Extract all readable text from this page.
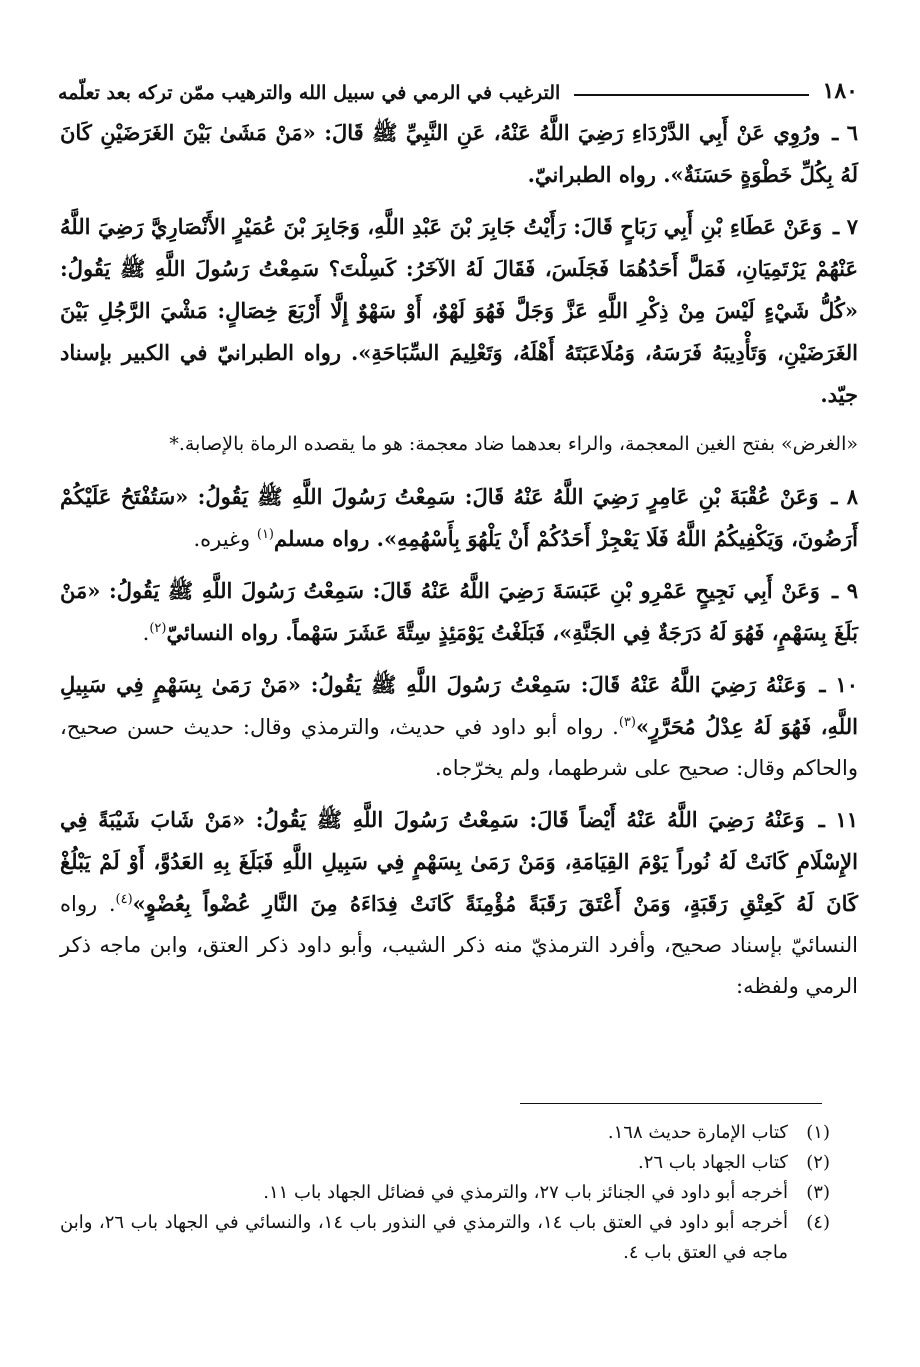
١٨٠
الترغيب في الرمي في سبيل الله والترهيب ممّن تركه بعد تعلّمه

٦ ـ ورُوِي عَنْ أَبِي الدَّرْدَاءِ رَضِيَ اللَّهُ عَنْهُ، عَنِ النَّبِيِّ ﷺ قَالَ: «مَنْ مَشَىٰ بَيْنَ الغَرَضَيْنِ كَانَ لَهُ بِكُلِّ خَطْوَةٍ حَسَنَةٌ». رواه الطبرانيّ.

٧ ـ وَعَنْ عَطَاءِ بْنِ أَبِي رَبَاحٍ قَالَ: رَأَيْتُ جَابِرَ بْنَ عَبْدِ اللَّهِ، وَجَابِرَ بْنَ عُمَيْرٍ الأَنْصَارِيَّ رَضِيَ اللَّهُ عَنْهُمْ يَرْتَمِيَانِ، فَمَلَّ أَحَدُهُمَا فَجَلَسَ، فَقَالَ لَهُ الآخَرُ: كَسِلْتَ؟ سَمِعْتُ رَسُولَ اللَّهِ ﷺ يَقُولُ: «كُلُّ شَيْءٍ لَيْسَ مِنْ ذِكْرِ اللَّهِ عَزَّ وَجَلَّ فَهُوَ لَهْوٌ، أَوْ سَهْوٌ إِلَّا أَرْبَعَ خِصَالٍ: مَشْيَ الرَّجُلِ بَيْنَ الغَرَضَيْنِ، وَتَأْدِيبَهُ فَرَسَهُ، وَمُلَاعَبَتَهُ أَهْلَهُ، وَتَعْلِيمَ السِّبَاحَةِ». رواه الطبرانيّ في الكبير بإسناد جيّد.

«الغرض» بفتح الغين المعجمة، والراء بعدهما ضاد معجمة: هو ما يقصده الرماة بالإصابة.*

٨ ـ وَعَنْ عُقْبَةَ بْنِ عَامِرٍ رَضِيَ اللَّهُ عَنْهُ قَالَ: سَمِعْتُ رَسُولَ اللَّهِ ﷺ يَقُولُ: «سَتُفْتَحُ عَلَيْكُمْ أَرَضُونَ، وَيَكْفِيكُمُ اللَّهُ فَلَا يَعْجِزْ أَحَدُكُمْ أَنْ يَلْهُوَ بِأَسْهُمِهِ». رواه مسلم$^{(١)}$ وغيره.

٩ ـ وَعَنْ أَبِي نَجِيحٍ عَمْرِو بْنِ عَبَسَةَ رَضِيَ اللَّهُ عَنْهُ قَالَ: سَمِعْتُ رَسُولَ اللَّهِ ﷺ يَقُولُ: «مَنْ بَلَغَ بِسَهْمٍ، فَهُوَ لَهُ دَرَجَةٌ فِي الجَنَّةِ»، فَبَلَغْتُ يَوْمَئِذٍ سِتَّةَ عَشَرَ سَهْماً. رواه النسائيّ$^{(٢)}$.

١٠ ـ وَعَنْهُ رَضِيَ اللَّهُ عَنْهُ قَالَ: سَمِعْتُ رَسُولَ اللَّهِ ﷺ يَقُولُ: «مَنْ رَمَىٰ بِسَهْمٍ فِي سَبِيلِ اللَّهِ، فَهُوَ لَهُ عِدْلُ مُحَرَّرٍ»$^{(٣)}$. رواه أبو داود في حديث، والترمذي وقال: حديث حسن صحيح، والحاكم وقال: صحيح على شرطهما، ولم يخرّجاه.

١١ ـ وَعَنْهُ رَضِيَ اللَّهُ عَنْهُ أَيْضاً قَالَ: سَمِعْتُ رَسُولَ اللَّهِ ﷺ يَقُولُ: «مَنْ شَابَ شَيْبَةً فِي الإِسْلَامِ كَانَتْ لَهُ نُوراً يَوْمَ القِيَامَةِ، وَمَنْ رَمَىٰ بِسَهْمٍ فِي سَبِيلِ اللَّهِ فَبَلَغَ بِهِ العَدُوَّ، أَوْ لَمْ يَبْلُغْ كَانَ لَهُ كَعِتْقِ رَقَبَةٍ، وَمَنْ أَعْتَقَ رَقَبَةً مُؤْمِنَةً كَانَتْ فِدَاءَهُ مِنَ النَّارِ عُضْواً بِعُضْوٍ»$^{(٤)}$. رواه النسائيّ بإسناد صحيح، وأفرد الترمذيّ منه ذكر الشيب، وأبو داود ذكر العتق، وابن ماجه ذكر الرمي ولفظه:

(١)
كتاب الإمارة حديث ١٦٨.
(٢)
كتاب الجهاد باب ٢٦.
(٣)
أخرجه أبو داود في الجنائز باب ٢٧، والترمذي في فضائل الجهاد باب ١١.
(٤)
أخرجه أبو داود في العتق باب ١٤، والترمذي في النذور باب ١٤، والنسائي في الجهاد باب ٢٦، وابن ماجه في العتق باب ٤.
